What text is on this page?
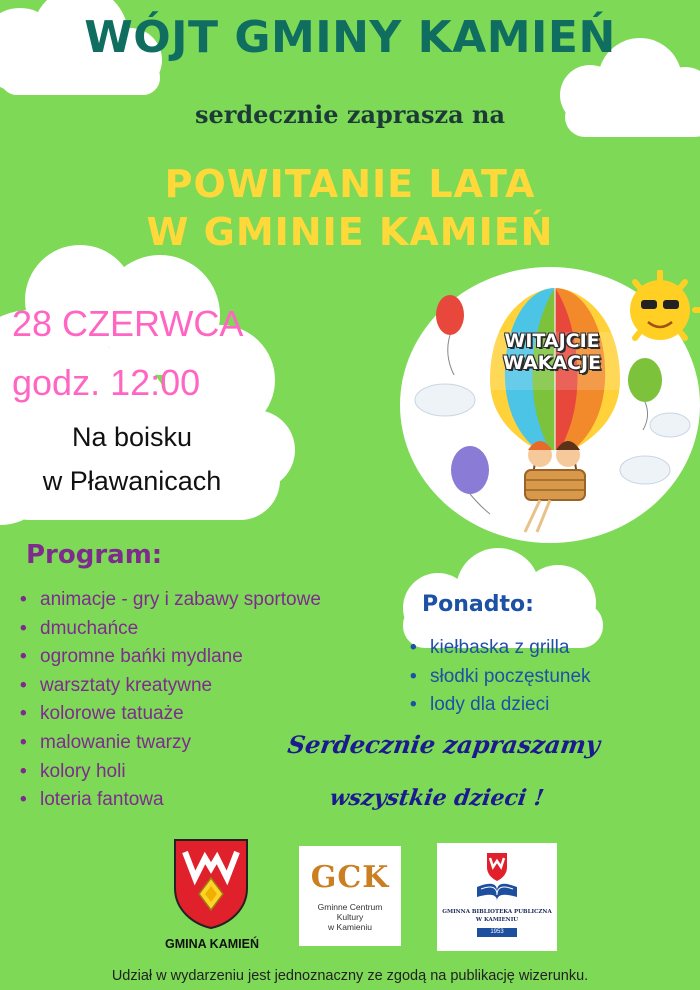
WÓJT GMINY KAMIEŃ
serdecznie zaprasza na
POWITANIE LATA
W GMINIE KAMIEŃ
28 CZERWCA
godz. 12:00
Na boisku
w Pławanicach
WITAJCIE
WAKACJE
Program:
• animacje - gry i zabawy sportowe
• dmuchańce
• ogromne bańki mydlane
• warsztaty kreatywne
• kolorowe tatuaże
• malowanie twarzy
• kolory holi
• loteria fantowa
Ponadto:
• kiełbaska z grilla
• słodki poczęstunek
• lody dla dzieci
Serdecznie zapraszamy
wszystkie dzieci !
GMINA KAMIEŃ
GCK
Gminne Centrum
Kultury
w Kamieniu
GMINNA BIBLIOTEKA PUBLICZNA
W KAMIENIU
1953
Udział w wydarzeniu jest jednoznaczny ze zgodą na publikację wizerunku.
